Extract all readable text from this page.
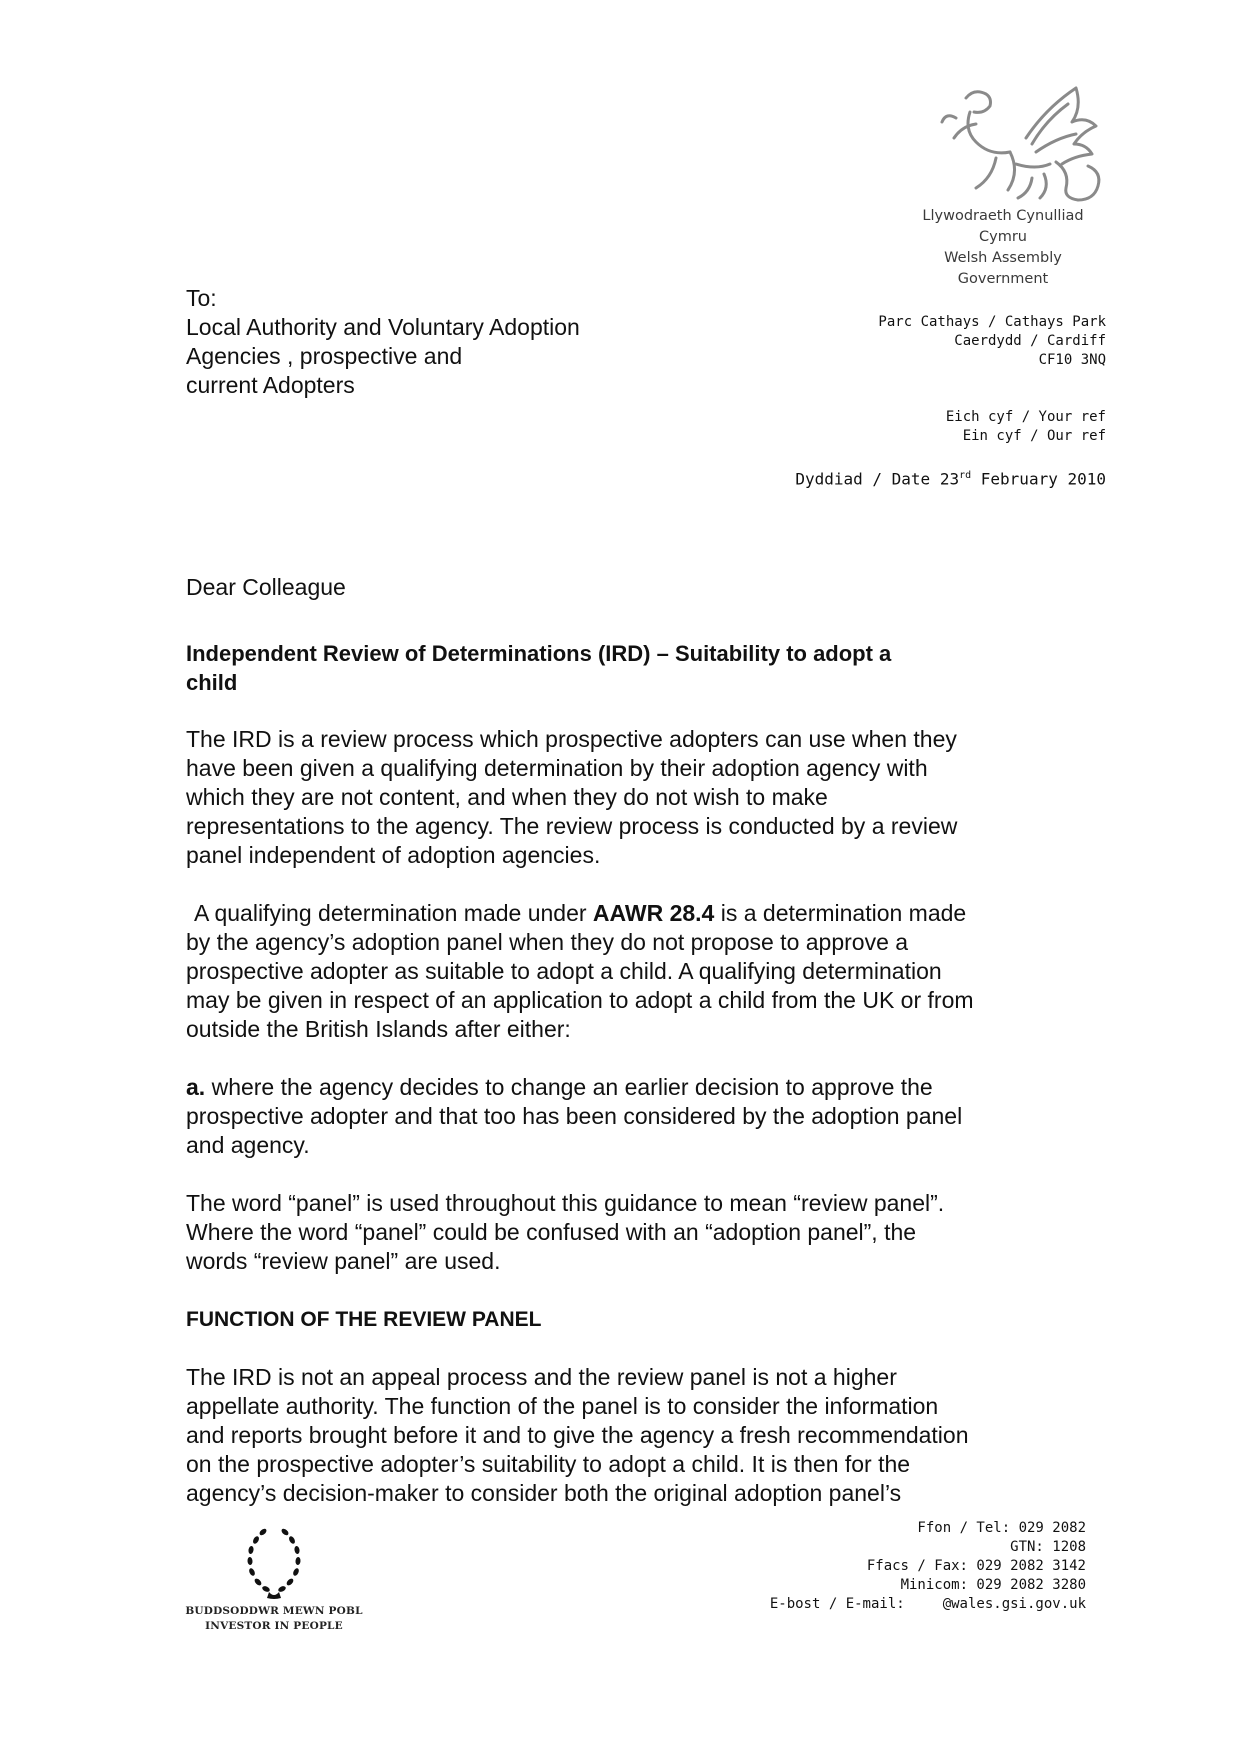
Llywodraeth Cynulliad Cymru
Welsh Assembly Government
To:
Local Authority and Voluntary Adoption
Agencies , prospective and
current Adopters
Parc Cathays / Cathays Park
Caerdydd / Cardiff
CF10 3NQ
Eich cyf / Your ref
Ein cyf / Our ref
Dyddiad / Date 23rd February 2010

Dear Colleague

Independent Review of Determinations (IRD) – Suitability to adopt a
child

The IRD is a review process which prospective adopters can use when they
have been given a qualifying determination by their adoption agency with
which they are not content, and when they do not wish to make
representations to the agency. The review process is conducted by a review
panel independent of adoption agencies.

A qualifying determination made under AAWR 28.4 is a determination made
by the agency’s adoption panel when they do not propose to approve a
prospective adopter as suitable to adopt a child. A qualifying determination
may be given in respect of an application to adopt a child from the UK or from
outside the British Islands after either:

a. where the agency decides to change an earlier decision to approve the
prospective adopter and that too has been considered by the adoption panel
and agency.

The word “panel” is used throughout this guidance to mean “review panel”.
Where the word “panel” could be confused with an “adoption panel”, the
words “review panel” are used.

FUNCTION OF THE REVIEW PANEL

The IRD is not an appeal process and the review panel is not a higher
appellate authority. The function of the panel is to consider the information
and reports brought before it and to give the agency a fresh recommendation
on the prospective adopter’s suitability to adopt a child. It is then for the
agency’s decision-maker to consider both the original adoption panel’s

BUDDSODDWR MEWN POBL
INVESTOR IN PEOPLE
Ffon / Tel: 029 2082
GTN: 1208
Ffacs / Fax: 029 2082 3142
Minicom: 029 2082 3280
E-bost / E-mail:	@wales.gsi.gov.uk
